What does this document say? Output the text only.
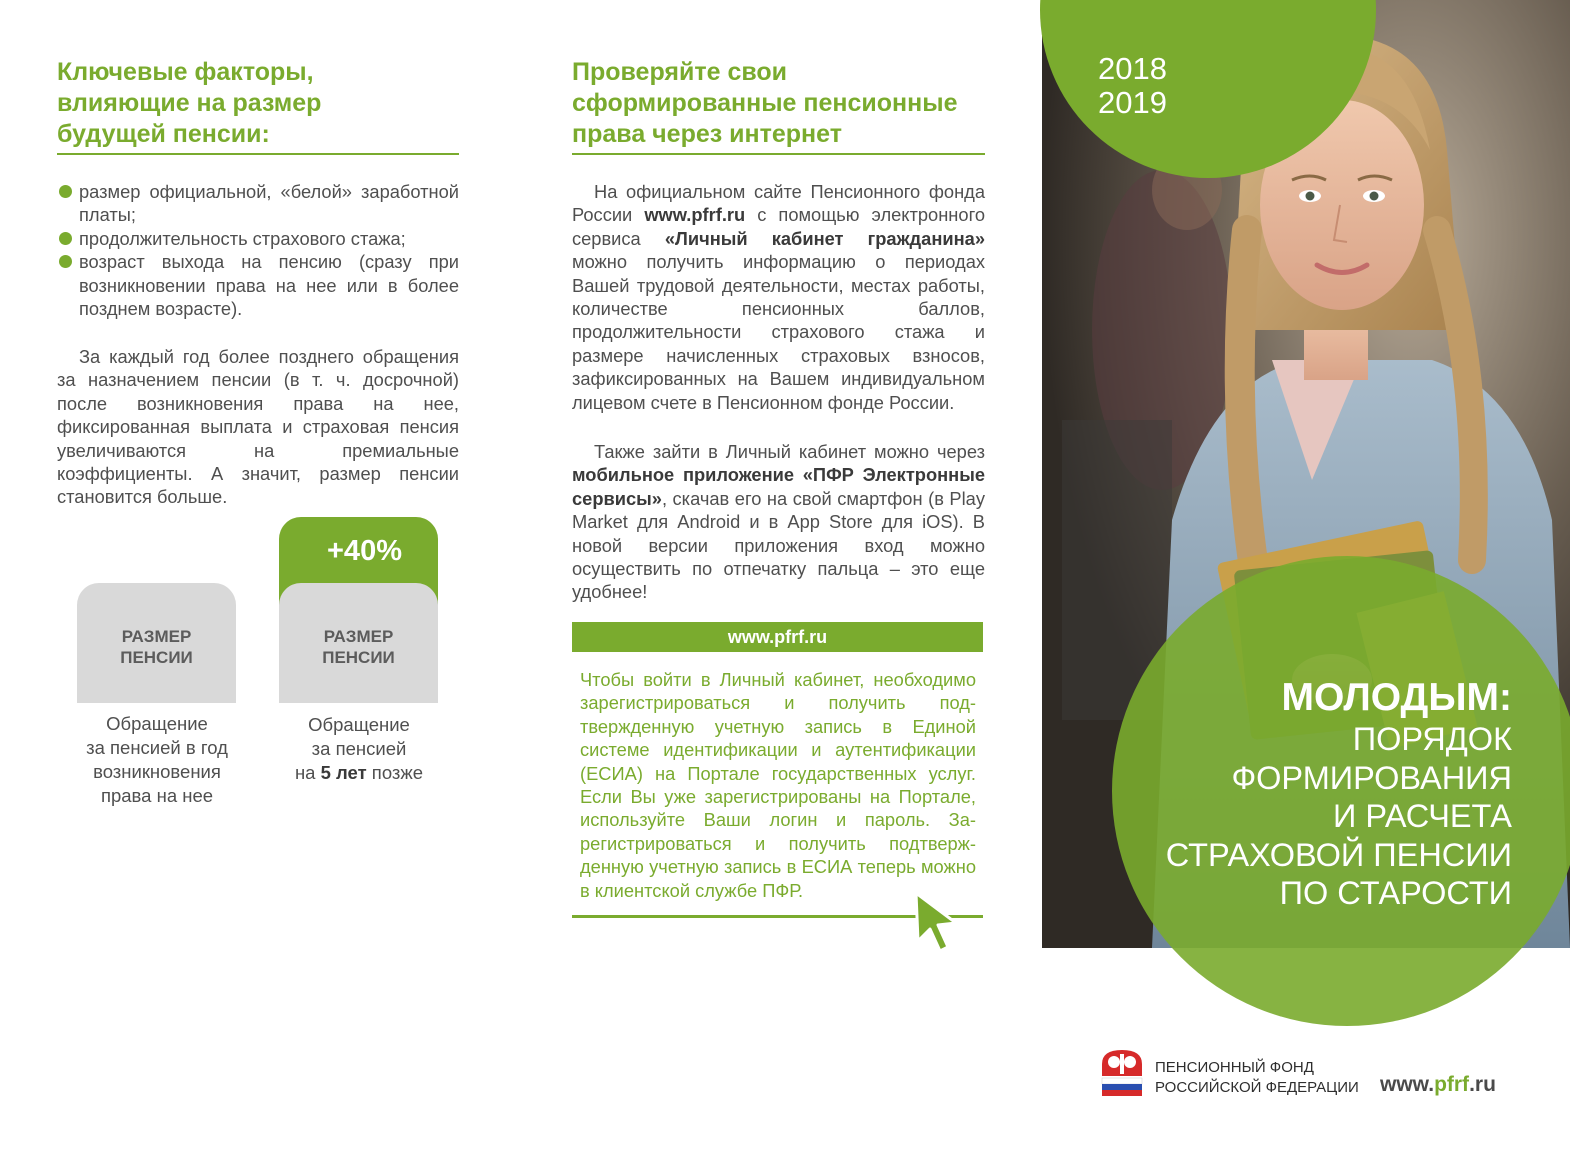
Ключевые факторы,
влияющие на размер
будущей пенсии:
размер официальной, «белой» заработной платы;
продолжительность страхового стажа;
возраст выхода на пенсию (сразу при возникновении права на нее или в более позднем возрасте).

За каждый год более позднего обращения за назначением пенсии (в т. ч. досрочной) после возникновения права на нее, фиксированная выплата и страховая пенсия увеличиваются на премиальные коэффициенты. А значит, размер пенсии становится больше.

РАЗМЕР
ПЕНСИИ
Обращение
за пенсией в год
возникновения
права на нее
+40%
РАЗМЕР
ПЕНСИИ
Обращение
за пенсией
на 5 лет позже
Проверяйте свои
сформированные пенсионные
права через интернет

На официальном сайте Пенсионного фонда России www.pfrf.ru с помощью электронного сервиса «Личный кабинет гражданина» можно получить информацию о периодах Вашей трудовой деятельности, местах работы, количестве пенсионных баллов, продолжительности страхового стажа и размере начисленных страховых взносов, зафиксированных на Вашем индивидуальном лицевом счете в Пенсионном фонде России.

Также зайти в Личный кабинет можно через мобильное приложение «ПФР Электронные сервисы», скачав его на свой смартфон (в Play Market для Android и в App Store для iOS). В новой версии приложения вход можно осуществить по отпечатку пальца – это еще удобнее!

www.pfrf.ru
Чтобы войти в Личный кабинет, необходимо зарегистрироваться и получить подтвержденную учетную запись в Единой системе идентификации и аутентификации (ЕСИА) на Портале государственных услуг. Если Вы уже зарегистрированы на Портале, используйте Ваши логин и пароль. Зарегистрироваться и получить подтвержденную учетную запись в ЕСИА теперь можно в клиентской службе ПФР.
2018
2019
МОЛОДЫМ:
ПОРЯДОК
ФОРМИРОВАНИЯ
И РАСЧЕТА
СТРАХОВОЙ ПЕНСИИ
ПО СТАРОСТИ
ПЕНСИОННЫЙ ФОНД
РОССИЙСКОЙ ФЕДЕРАЦИИ www.pfrf.ru
